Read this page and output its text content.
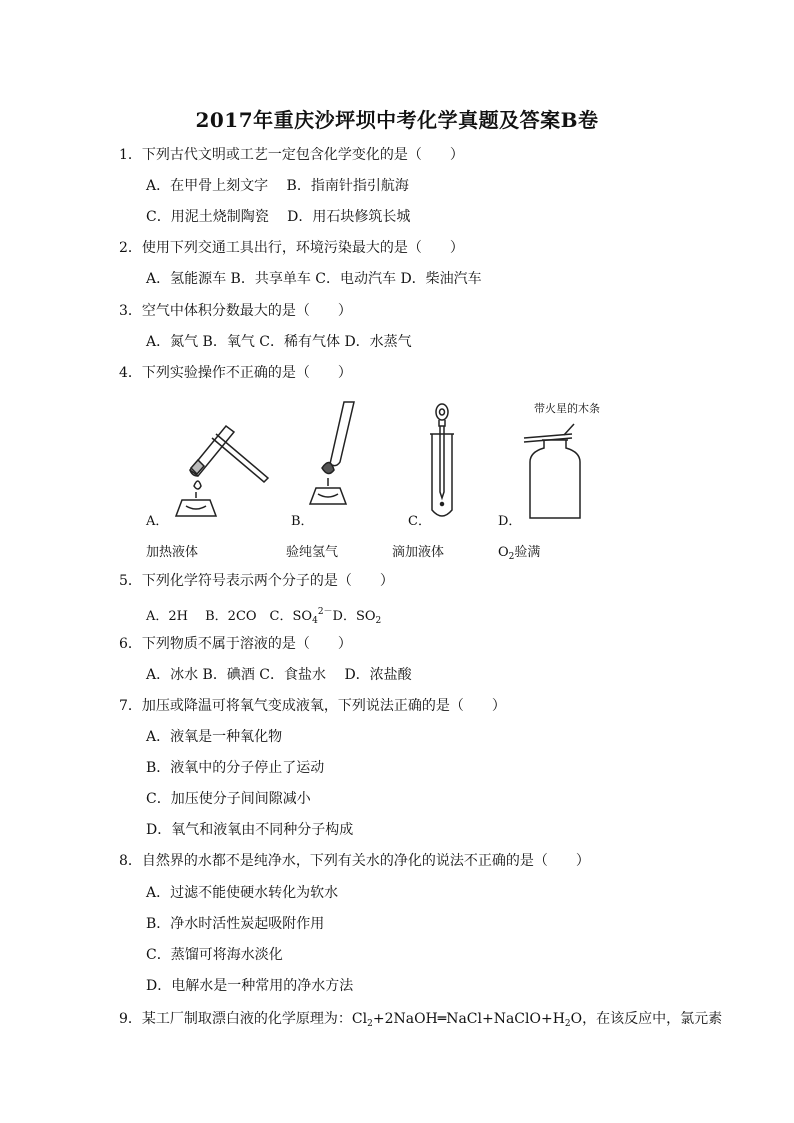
2017年重庆沙坪坝中考化学真题及答案B卷
1．下列古代文明或工艺一定包含化学变化的是（　　）
A．在甲骨上刻文字　 B．指南针指引航海
C．用泥土烧制陶瓷　 D．用石块修筑长城
2．使用下列交通工具出行，环境污染最大的是（　　）
A．氢能源车 B．共享单车 C．电动汽车 D．柴油汽车
3．空气中体积分数最大的是（　　）
A．氮气 B．氧气 C．稀有气体 D．水蒸气
4．下列实验操作不正确的是（　　）
带火星的木条
A．	B．	C．	D．
加热液体	验纯氢气	滴加液体	$O_2$验满
5．下列化学符号表示两个分子的是（　　）
A．2H　 B．2CO　C．$SO_4^{2-}D$．$SO_2$
6．下列物质不属于溶液的是（　　）
A．冰水 B．碘酒 C．食盐水　 D．浓盐酸
7．加压或降温可将氧气变成液氧，下列说法正确的是（　　）
A．液氧是一种氧化物
B．液氧中的分子停止了运动
C．加压使分子间间隙减小
D．氧气和液氧由不同种分子构成
8．自然界的水都不是纯净水，下列有关水的净化的说法不正确的是（　　）
A．过滤不能使硬水转化为软水
B．净水时活性炭起吸附作用
C．蒸馏可将海水淡化
D．电解水是一种常用的净水方法
9．某工厂制取漂白液的化学原理为：$Cl_2+2NaOH═NaCl+NaClO+H_2O$，在该反应中，氯元素
